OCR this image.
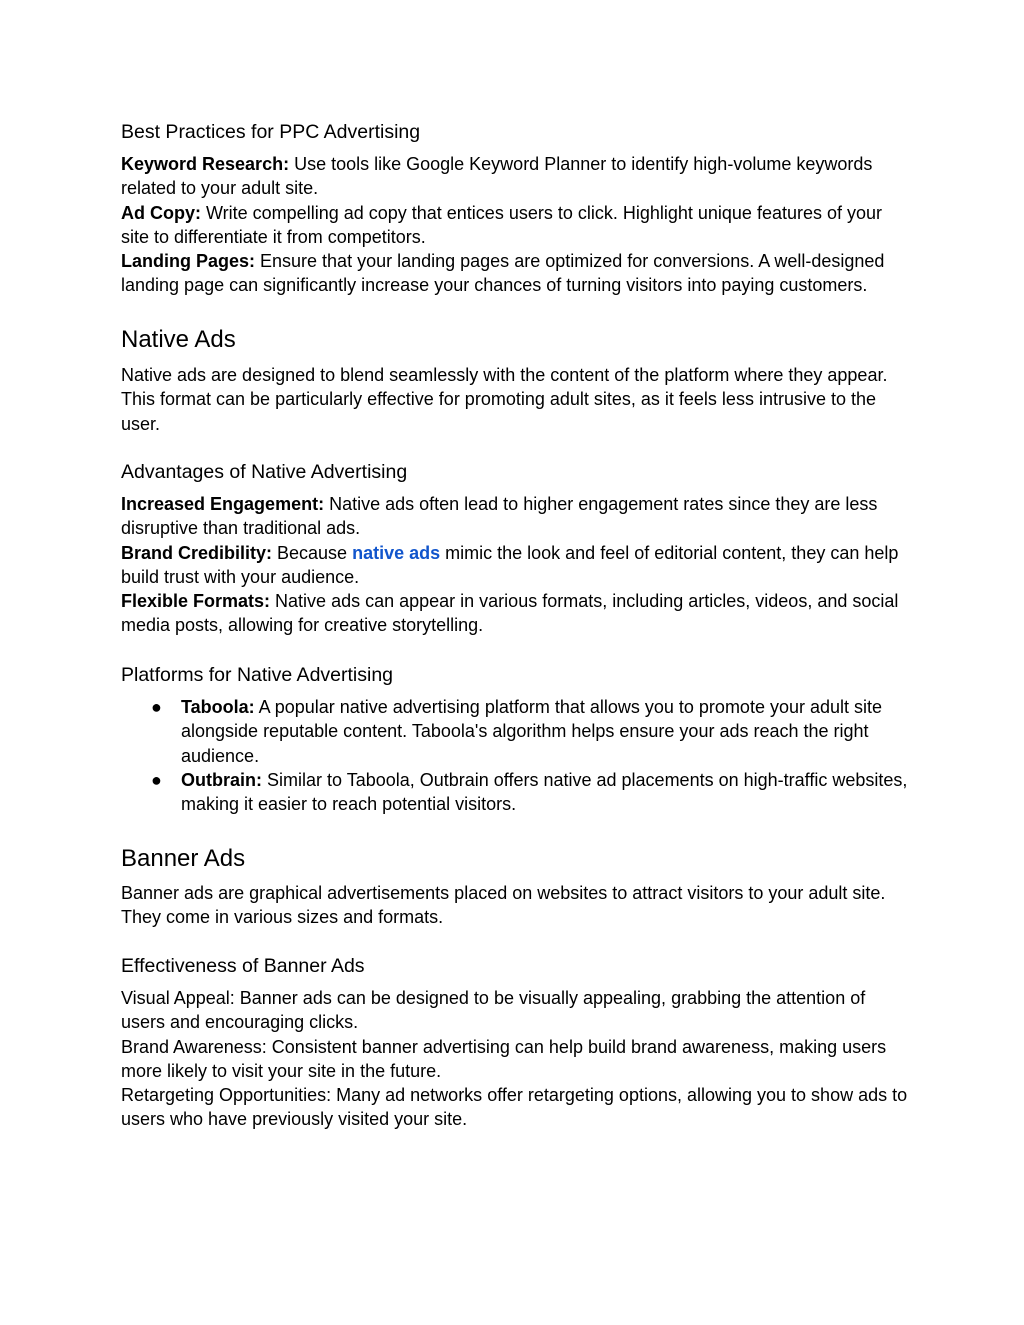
Best Practices for PPC Advertising

Keyword Research: Use tools like Google Keyword Planner to identify high-volume keywords related to your adult site.

Ad Copy: Write compelling ad copy that entices users to click. Highlight unique features of your site to differentiate it from competitors.

Landing Pages: Ensure that your landing pages are optimized for conversions. A well-designed landing page can significantly increase your chances of turning visitors into paying customers.

Native Ads

Native ads are designed to blend seamlessly with the content of the platform where they appear. This format can be particularly effective for promoting adult sites, as it feels less intrusive to the user.

Advantages of Native Advertising

Increased Engagement: Native ads often lead to higher engagement rates since they are less disruptive than traditional ads.

Brand Credibility: Because native ads mimic the look and feel of editorial content, they can help build trust with your audience.

Flexible Formats: Native ads can appear in various formats, including articles, videos, and social media posts, allowing for creative storytelling.

Platforms for Native Advertising
● Taboola: A popular native advertising platform that allows you to promote your adult site alongside reputable content. Taboola's algorithm helps ensure your ads reach the right audience.
● Outbrain: Similar to Taboola, Outbrain offers native ad placements on high-traffic websites, making it easier to reach potential visitors.
Banner Ads

Banner ads are graphical advertisements placed on websites to attract visitors to your adult site. They come in various sizes and formats.

Effectiveness of Banner Ads

Visual Appeal: Banner ads can be designed to be visually appealing, grabbing the attention of users and encouraging clicks.

Brand Awareness: Consistent banner advertising can help build brand awareness, making users more likely to visit your site in the future.

Retargeting Opportunities: Many ad networks offer retargeting options, allowing you to show ads to users who have previously visited your site.
